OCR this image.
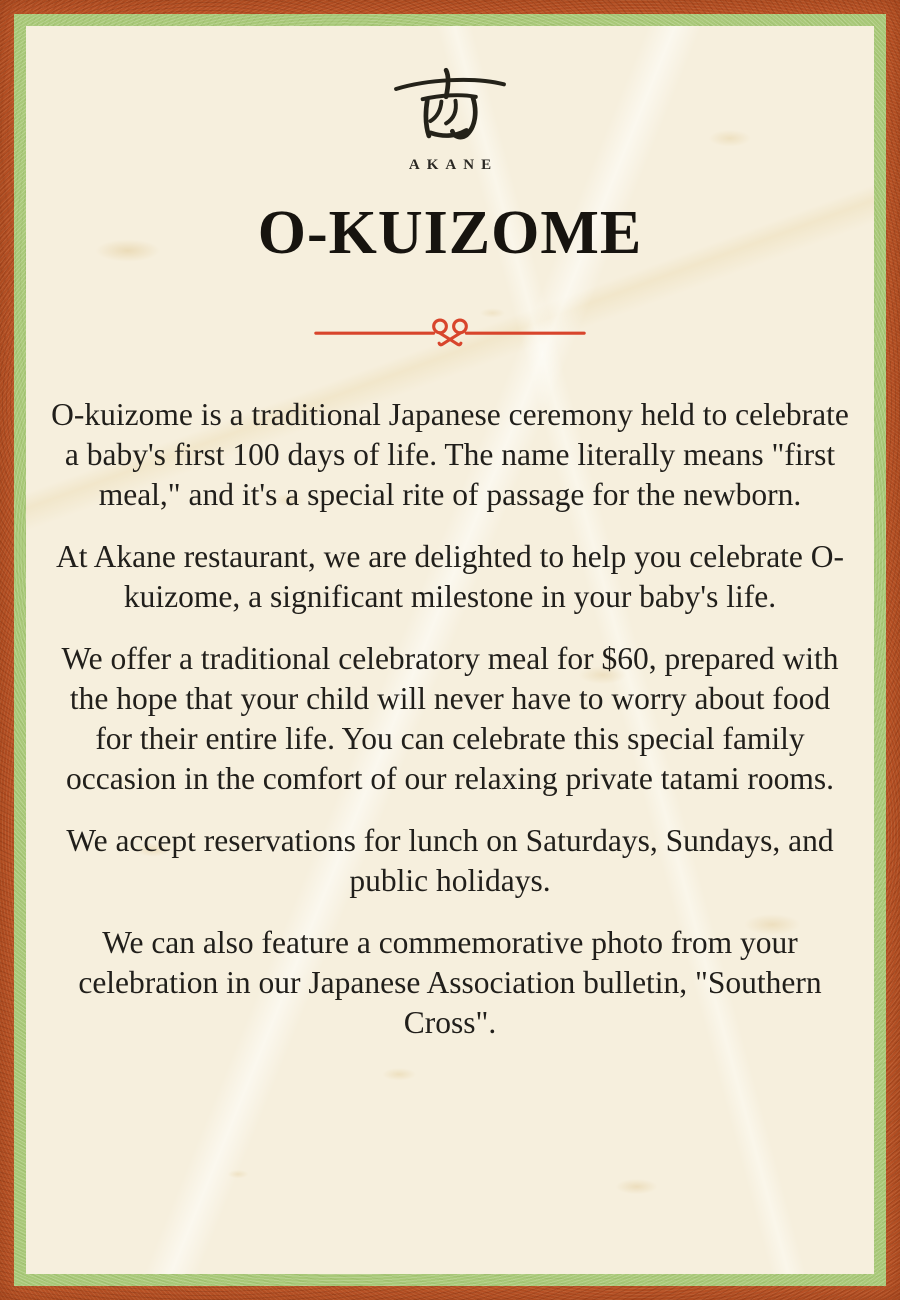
AKANE
O-KUIZOME

O-kuizome is a traditional Japanese ceremony held to celebrate a baby's first 100 days of life. The name literally means "first meal," and it's a special rite of passage for the newborn.

At Akane restaurant, we are delighted to help you celebrate O-kuizome, a significant milestone in your baby's life.

We offer a traditional celebratory meal for $60, prepared with the hope that your child will never have to worry about food for their entire life. You can celebrate this special family occasion in the comfort of our relaxing private tatami rooms.

We accept reservations for lunch on Saturdays, Sundays, and public holidays.

We can also feature a commemorative photo from your celebration in our Japanese Association bulletin, "Southern Cross".
